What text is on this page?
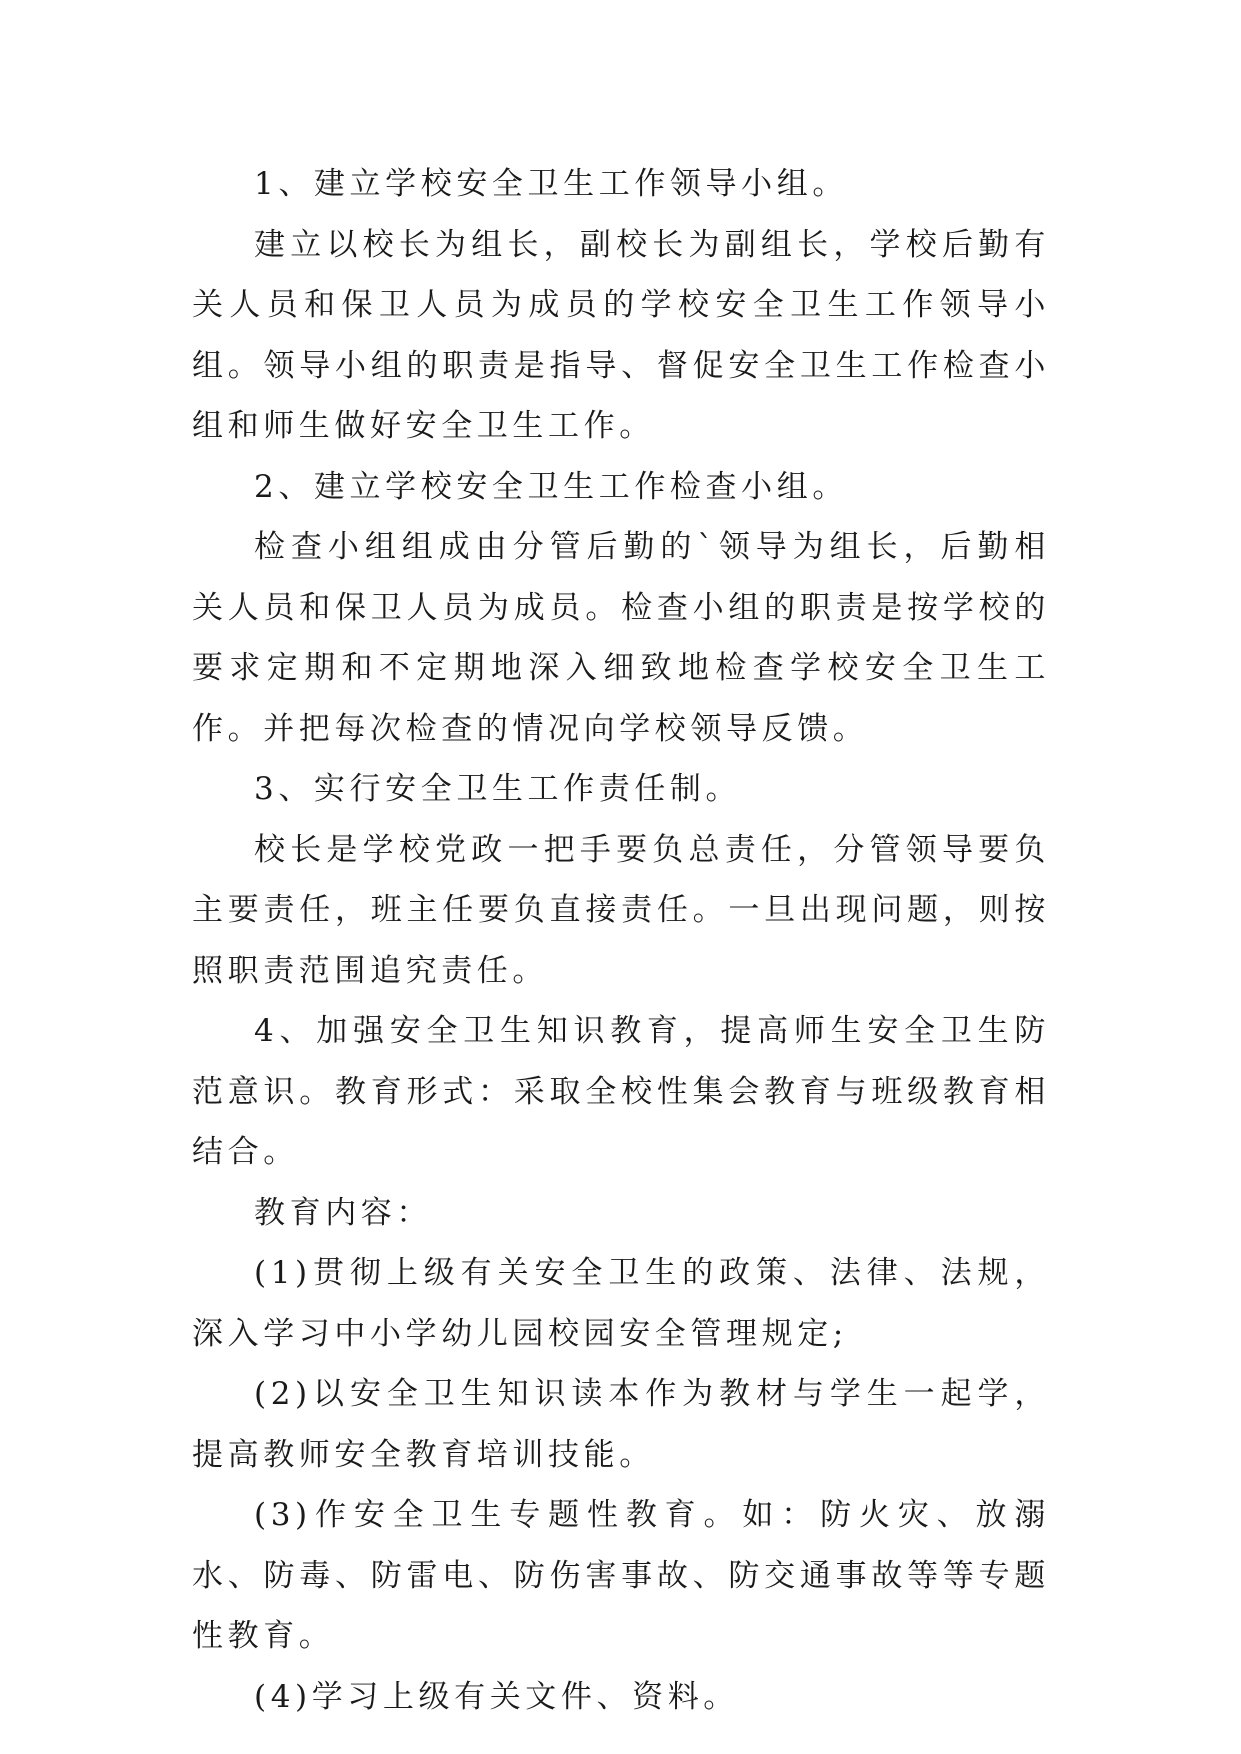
1、建立学校安全卫生工作领导小组。

建立以校长为组长，副校长为副组长，学校后勤有关人员和保卫人员为成员的学校安全卫生工作领导小组。领导小组的职责是指导、督促安全卫生工作检查小组和师生做好安全卫生工作。

2、建立学校安全卫生工作检查小组。

检查小组组成由分管后勤的`领导为组长，后勤相关人员和保卫人员为成员。检查小组的职责是按学校的要求定期和不定期地深入细致地检查学校安全卫生工作。并把每次检查的情况向学校领导反馈。

3、实行安全卫生工作责任制。

校长是学校党政一把手要负总责任，分管领导要负主要责任，班主任要负直接责任。一旦出现问题，则按照职责范围追究责任。

4、加强安全卫生知识教育，提高师生安全卫生防范意识。教育形式：采取全校性集会教育与班级教育相结合。

教育内容：

(1)贯彻上级有关安全卫生的政策、法律、法规，深入学习中小学幼儿园校园安全管理规定;

(2)以安全卫生知识读本作为教材与学生一起学，提高教师安全教育培训技能。

(3)作安全卫生专题性教育。如：防火灾、放溺水、防毒、防雷电、防伤害事故、防交通事故等等专题性教育。

(4)学习上级有关文件、资料。
